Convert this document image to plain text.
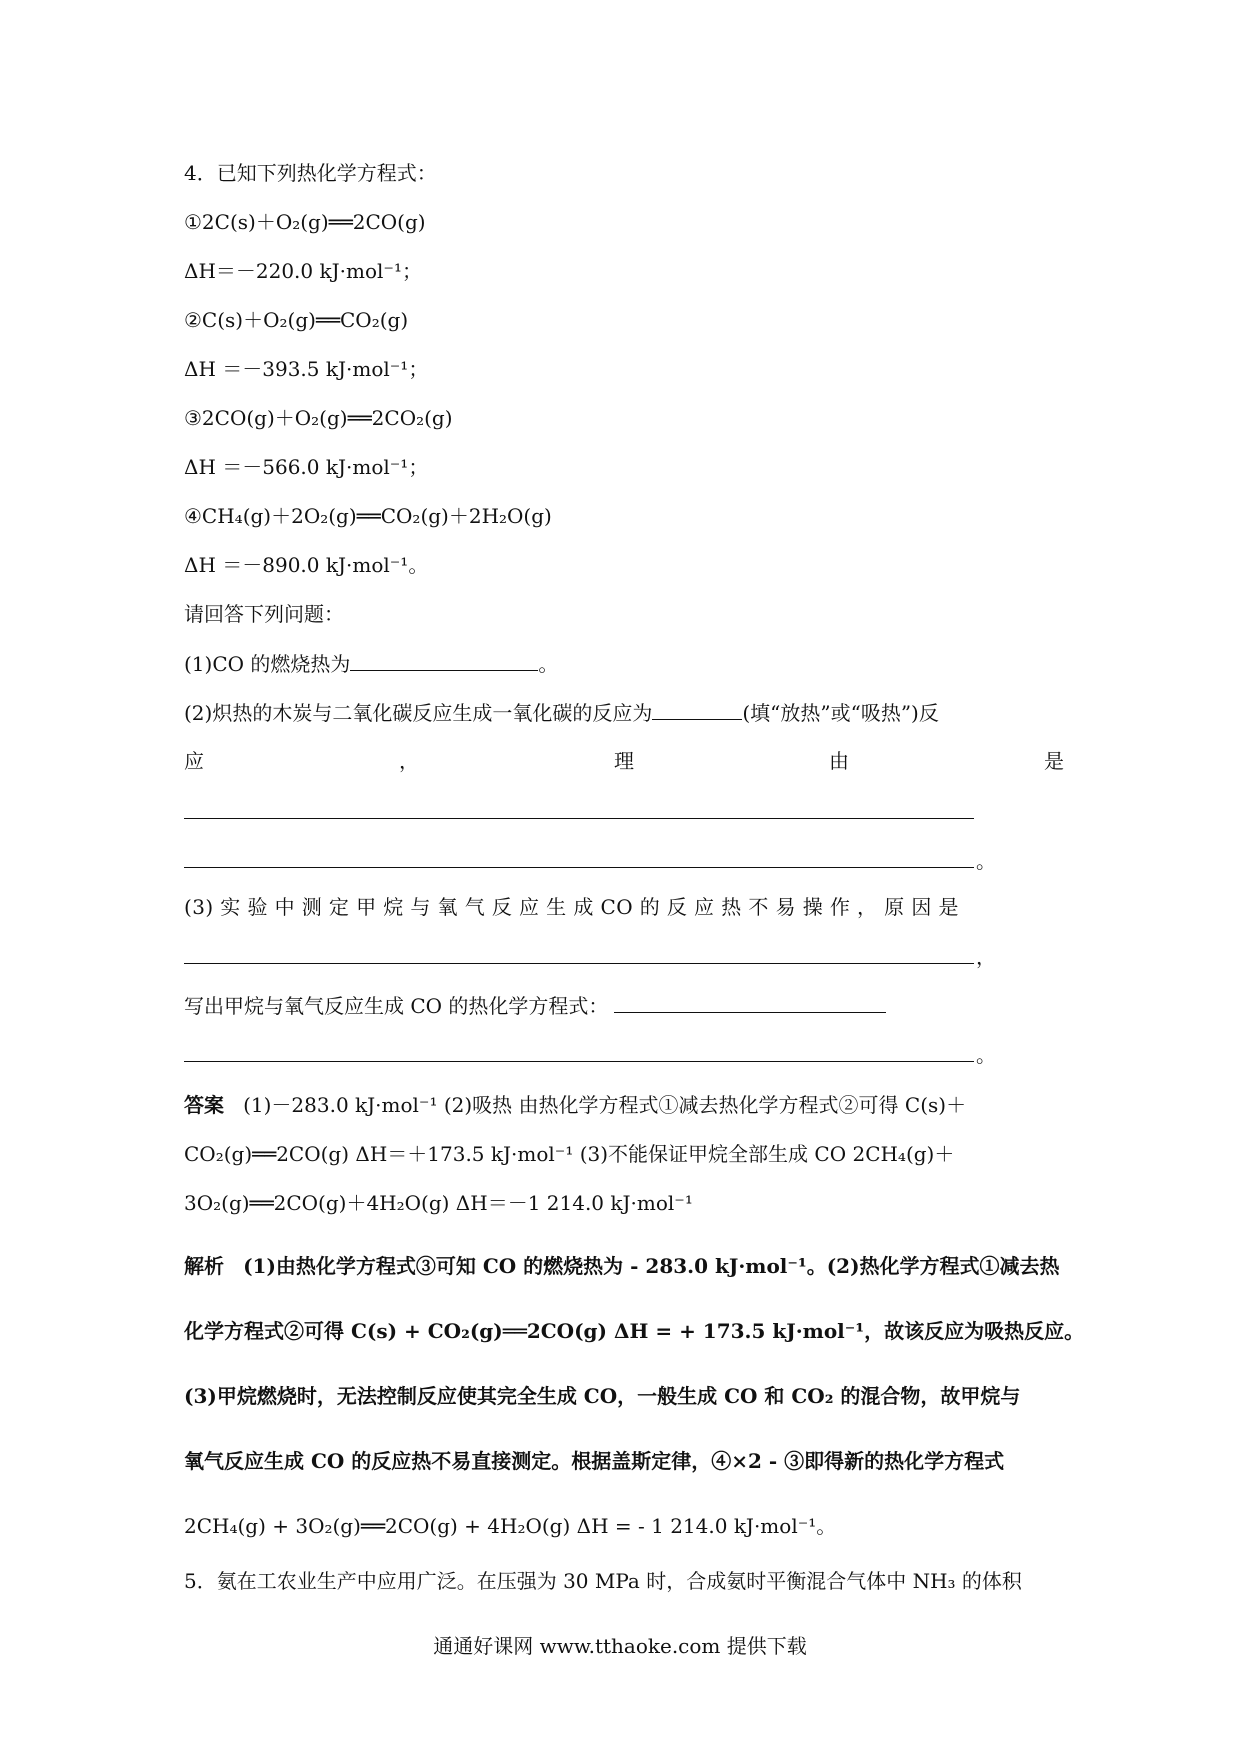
4．已知下列热化学方程式：
①2C(s)＋O₂(g)══2CO(g)
ΔH＝－220.0 kJ·mol⁻¹；
②C(s)＋O₂(g)══CO₂(g)
ΔH ＝－393.5 kJ·mol⁻¹；
③2CO(g)＋O₂(g)══2CO₂(g)
ΔH ＝－566.0 kJ·mol⁻¹；
④CH₄(g)＋2O₂(g)══CO₂(g)＋2H₂O(g)
ΔH ＝－890.0 kJ·mol⁻¹。
请回答下列问题：
(1)CO 的燃烧热为	。
(2)炽热的木炭与二氧化碳反应生成一氧化碳的反应为	(填“放热”或“吸热”)反
应	，	理	由	是
。
(3) 实 验 中 测 定 甲 烷 与 氧 气 反 应 生 成 CO 的 反 应 热 不 易 操 作 ， 原 因 是
，
写出甲烷与氧气反应生成 CO 的热化学方程式：
。
答案 (1)－283.0 kJ·mol⁻¹ (2)吸热 由热化学方程式①减去热化学方程式②可得 C(s)＋
CO₂(g)══2CO(g) ΔH＝＋173.5 kJ·mol⁻¹ (3)不能保证甲烷全部生成 CO 2CH₄(g)＋
3O₂(g)══2CO(g)＋4H₂O(g) ΔH＝－1 214.0 kJ·mol⁻¹
解析 (1)由热化学方程式③可知 CO 的燃烧热为 - 283.0 kJ·mol⁻¹。(2)热化学方程式①减去热
化学方程式②可得 C(s) + CO₂(g)══2CO(g) ΔH = + 173.5 kJ·mol⁻¹，故该反应为吸热反应。
(3)甲烷燃烧时，无法控制反应使其完全生成 CO，一般生成 CO 和 CO₂ 的混合物，故甲烷与
氧气反应生成 CO 的反应热不易直接测定。根据盖斯定律，④×2 - ③即得新的热化学方程式
2CH₄(g) + 3O₂(g)══2CO(g) + 4H₂O(g) ΔH = - 1 214.0 kJ·mol⁻¹。
5．氨在工农业生产中应用广泛。在压强为 30 MPa 时，合成氨时平衡混合气体中 NH₃ 的体积
通通好课网 www.tthaoke.com 提供下载
